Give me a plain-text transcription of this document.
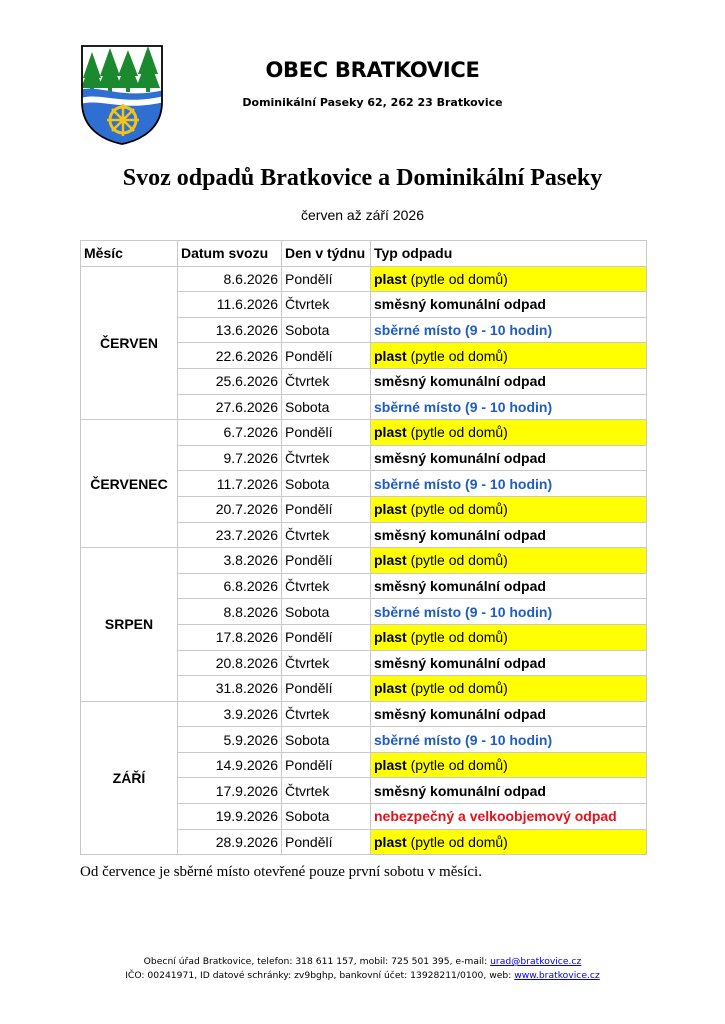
OBEC BRATKOVICE
Dominikální Paseky 62, 262 23 Bratkovice
Svoz odpadů Bratkovice a Dominikální Paseky
červen až září 2026
Měsíc	Datum svozu	Den v týdnu	Typ odpadu
ČERVEN	8.6.2026	Pondělí	plast (pytle od domů)
	11.6.2026	Čtvrtek	směsný komunální odpad
	13.6.2026	Sobota	sběrné místo (9 - 10 hodin)
	22.6.2026	Pondělí	plast (pytle od domů)
	25.6.2026	Čtvrtek	směsný komunální odpad
	27.6.2026	Sobota	sběrné místo (9 - 10 hodin)
ČERVENEC	6.7.2026	Pondělí	plast (pytle od domů)
	9.7.2026	Čtvrtek	směsný komunální odpad
	11.7.2026	Sobota	sběrné místo (9 - 10 hodin)
	20.7.2026	Pondělí	plast (pytle od domů)
	23.7.2026	Čtvrtek	směsný komunální odpad
SRPEN	3.8.2026	Pondělí	plast (pytle od domů)
	6.8.2026	Čtvrtek	směsný komunální odpad
	8.8.2026	Sobota	sběrné místo (9 - 10 hodin)
	17.8.2026	Pondělí	plast (pytle od domů)
	20.8.2026	Čtvrtek	směsný komunální odpad
	31.8.2026	Pondělí	plast (pytle od domů)
ZÁŘÍ	3.9.2026	Čtvrtek	směsný komunální odpad
	5.9.2026	Sobota	sběrné místo (9 - 10 hodin)
	14.9.2026	Pondělí	plast (pytle od domů)
	17.9.2026	Čtvrtek	směsný komunální odpad
	19.9.2026	Sobota	nebezpečný a velkoobjemový odpad
	28.9.2026	Pondělí	plast (pytle od domů)
Od července je sběrné místo otevřené pouze první sobotu v měsíci.
Obecní úřad Bratkovice, telefon: 318 611 157, mobil: 725 501 395, e-mail: urad@bratkovice.cz
IČO: 00241971, ID datové schránky: zv9bghp, bankovní účet: 13928211/0100, web: www.bratkovice.cz
